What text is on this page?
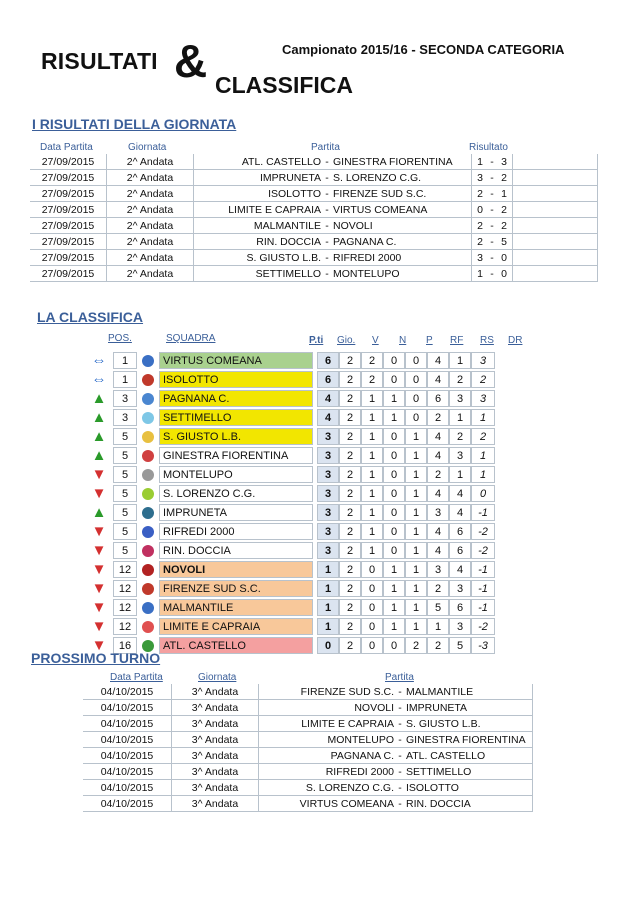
RISULTATI & CLASSIFICA
Campionato 2015/16 - SECONDA CATEGORIA
I RISULTATI DELLA GIORNATA
Data Partita	Giornata	Partita	Risultato
27/09/2015	2^ Andata	ATL. CASTELLO	-	GINESTRA FIORENTINA	1	-	3	
27/09/2015	2^ Andata	IMPRUNETA	-	S. LORENZO C.G.	3	-	2	
27/09/2015	2^ Andata	ISOLOTTO	-	FIRENZE SUD S.C.	2	-	1	
27/09/2015	2^ Andata	LIMITE E CAPRAIA	-	VIRTUS COMEANA	0	-	2	
27/09/2015	2^ Andata	MALMANTILE	-	NOVOLI	2	-	2	
27/09/2015	2^ Andata	RIN. DOCCIA	-	PAGNANA C.	2	-	5	
27/09/2015	2^ Andata	S. GIUSTO L.B.	-	RIFREDI 2000	3	-	0	
27/09/2015	2^ Andata	SETTIMELLO	-	MONTELUPO	1	-	0	
LA CLASSIFICA
POS.	SQUADRA	P.ti Gio. V N P RF RS DR
⇔	1		VIRTUS COMEANA		6	2	2	0	0	4	1	3
⇔	1		ISOLOTTO		6	2	2	0	0	4	2	2
▲	3		PAGNANA C.		4	2	1	1	0	6	3	3
▲	3		SETTIMELLO		4	2	1	1	0	2	1	1
▲	5		S. GIUSTO L.B.		3	2	1	0	1	4	2	2
▲	5		GINESTRA FIORENTINA		3	2	1	0	1	4	3	1
▼	5		MONTELUPO		3	2	1	0	1	2	1	1
▼	5		S. LORENZO C.G.		3	2	1	0	1	4	4	0
▲	5		IMPRUNETA		3	2	1	0	1	3	4	-1
▼	5		RIFREDI 2000		3	2	1	0	1	4	6	-2
▼	5		RIN. DOCCIA		3	2	1	0	1	4	6	-2
▼	12		NOVOLI		1	2	0	1	1	3	4	-1
▼	12		FIRENZE SUD S.C.		1	2	0	1	1	2	3	-1
▼	12		MALMANTILE		1	2	0	1	1	5	6	-1
▼	12		LIMITE E CAPRAIA		1	2	0	1	1	1	3	-2
▼	16		ATL. CASTELLO		0	2	0	0	2	2	5	-3
PROSSIMO TURNO
Data Partita	Giornata	Partita
04/10/2015	3^ Andata	FIRENZE SUD S.C.	-	MALMANTILE
04/10/2015	3^ Andata	NOVOLI	-	IMPRUNETA
04/10/2015	3^ Andata	LIMITE E CAPRAIA	-	S. GIUSTO L.B.
04/10/2015	3^ Andata	MONTELUPO	-	GINESTRA FIORENTINA
04/10/2015	3^ Andata	PAGNANA C.	-	ATL. CASTELLO
04/10/2015	3^ Andata	RIFREDI 2000	-	SETTIMELLO
04/10/2015	3^ Andata	S. LORENZO C.G.	-	ISOLOTTO
04/10/2015	3^ Andata	VIRTUS COMEANA	-	RIN. DOCCIA
